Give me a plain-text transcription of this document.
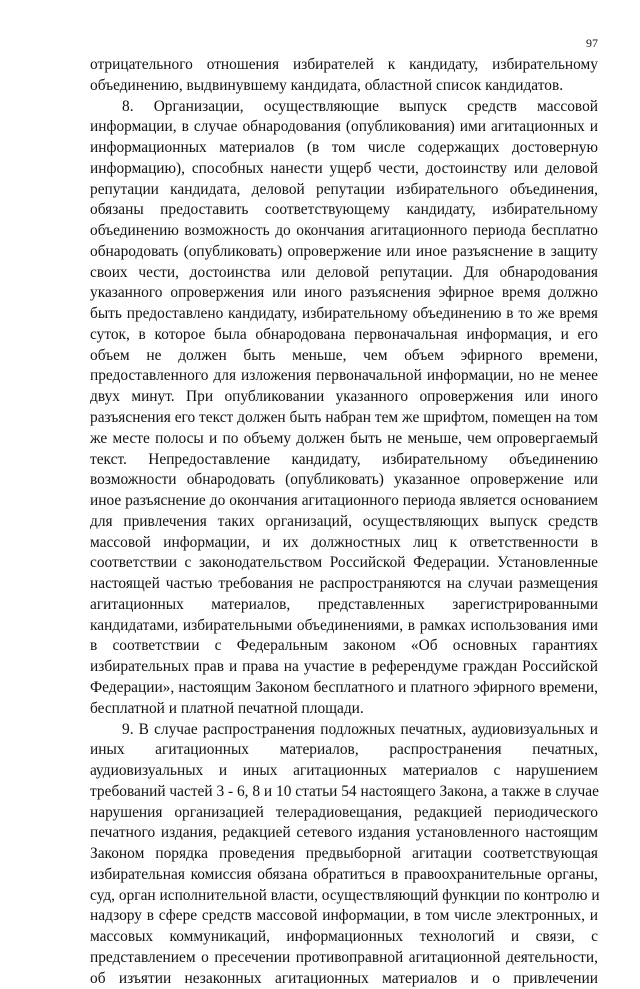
97
отрицательного отношения избирателей к кандидату, избирательному
объединению, выдвинувшему кандидата, областной список кандидатов.
8. Организации, осуществляющие выпуск средств массовой
информации, в случае обнародования (опубликования) ими агитационных и
информационных материалов (в том числе содержащих достоверную
информацию), способных нанести ущерб чести, достоинству или деловой
репутации кандидата, деловой репутации избирательного объединения,
обязаны предоставить соответствующему кандидату, избирательному
объединению возможность до окончания агитационного периода бесплатно
обнародовать (опубликовать) опровержение или иное разъяснение в защиту
своих чести, достоинства или деловой репутации. Для обнародования
указанного опровержения или иного разъяснения эфирное время должно
быть предоставлено кандидату, избирательному объединению в то же время
суток, в которое была обнародована первоначальная информация, и его
объем не должен быть меньше, чем объем эфирного времени,
предоставленного для изложения первоначальной информации, но не менее
двух минут. При опубликовании указанного опровержения или иного
разъяснения его текст должен быть набран тем же шрифтом, помещен на том
же месте полосы и по объему должен быть не меньше, чем опровергаемый
текст. Непредоставление кандидату, избирательному объединению
возможности обнародовать (опубликовать) указанное опровержение или
иное разъяснение до окончания агитационного периода является основанием
для привлечения таких организаций, осуществляющих выпуск средств
массовой информации, и их должностных лиц к ответственности в
соответствии с законодательством Российской Федерации. Установленные
настоящей частью требования не распространяются на случаи размещения
агитационных материалов, представленных зарегистрированными
кандидатами, избирательными объединениями, в рамках использования ими
в соответствии с Федеральным законом «Об основных гарантиях
избирательных прав и права на участие в референдуме граждан Российской
Федерации», настоящим Законом бесплатного и платного эфирного времени,
бесплатной и платной печатной площади.
9. В случае распространения подложных печатных, аудиовизуальных и
иных агитационных материалов, распространения печатных,
аудиовизуальных и иных агитационных материалов с нарушением
требований частей 3 - 6, 8 и 10 статьи 54 настоящего Закона, а также в случае
нарушения организацией телерадиовещания, редакцией периодического
печатного издания, редакцией сетевого издания установленного настоящим
Законом порядка проведения предвыборной агитации соответствующая
избирательная комиссия обязана обратиться в правоохранительные органы,
суд, орган исполнительной власти, осуществляющий функции по контролю и
надзору в сфере средств массовой информации, в том числе электронных, и
массовых коммуникаций, информационных технологий и связи, с
представлением о пресечении противоправной агитационной деятельности,
об изъятии незаконных агитационных материалов и о привлечении
